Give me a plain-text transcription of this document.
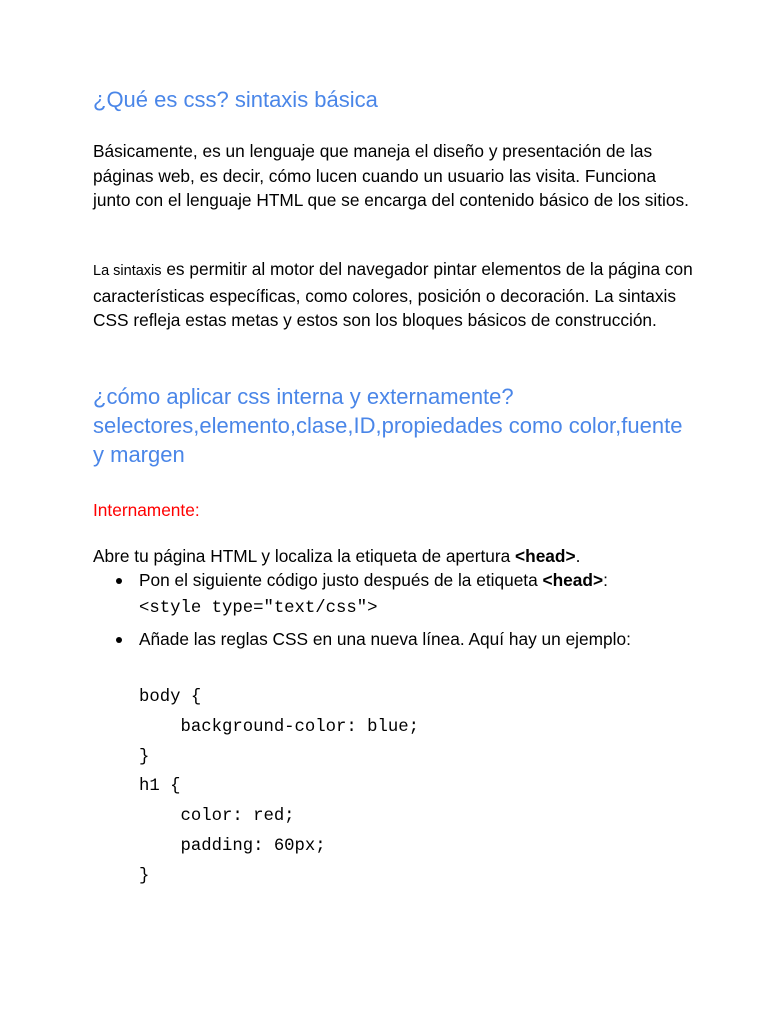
¿Qué es css? sintaxis básica

Básicamente, es un lenguaje que maneja el diseño y presentación de las páginas web, es decir, cómo lucen cuando un usuario las visita. Funciona junto con el lenguaje HTML que se encarga del contenido básico de los sitios.

La sintaxis es permitir al motor del navegador pintar elementos de la página con características específicas, como colores, posición o decoración. La sintaxis CSS refleja estas metas y estos son los bloques básicos de construcción.

¿cómo aplicar css interna y externamente? selectores,elemento,clase,ID,propiedades como color,fuente y margen

Internamente:

Abre tu página HTML y localiza la etiqueta de apertura <head>.

Pon el siguiente código justo después de la etiqueta <head>:
<style type="text/css">
Añade las reglas CSS en una nueva línea. Aquí hay un ejemplo:
body {
background-color: blue;
}
h1 {
color: red;
padding: 60px;
}
